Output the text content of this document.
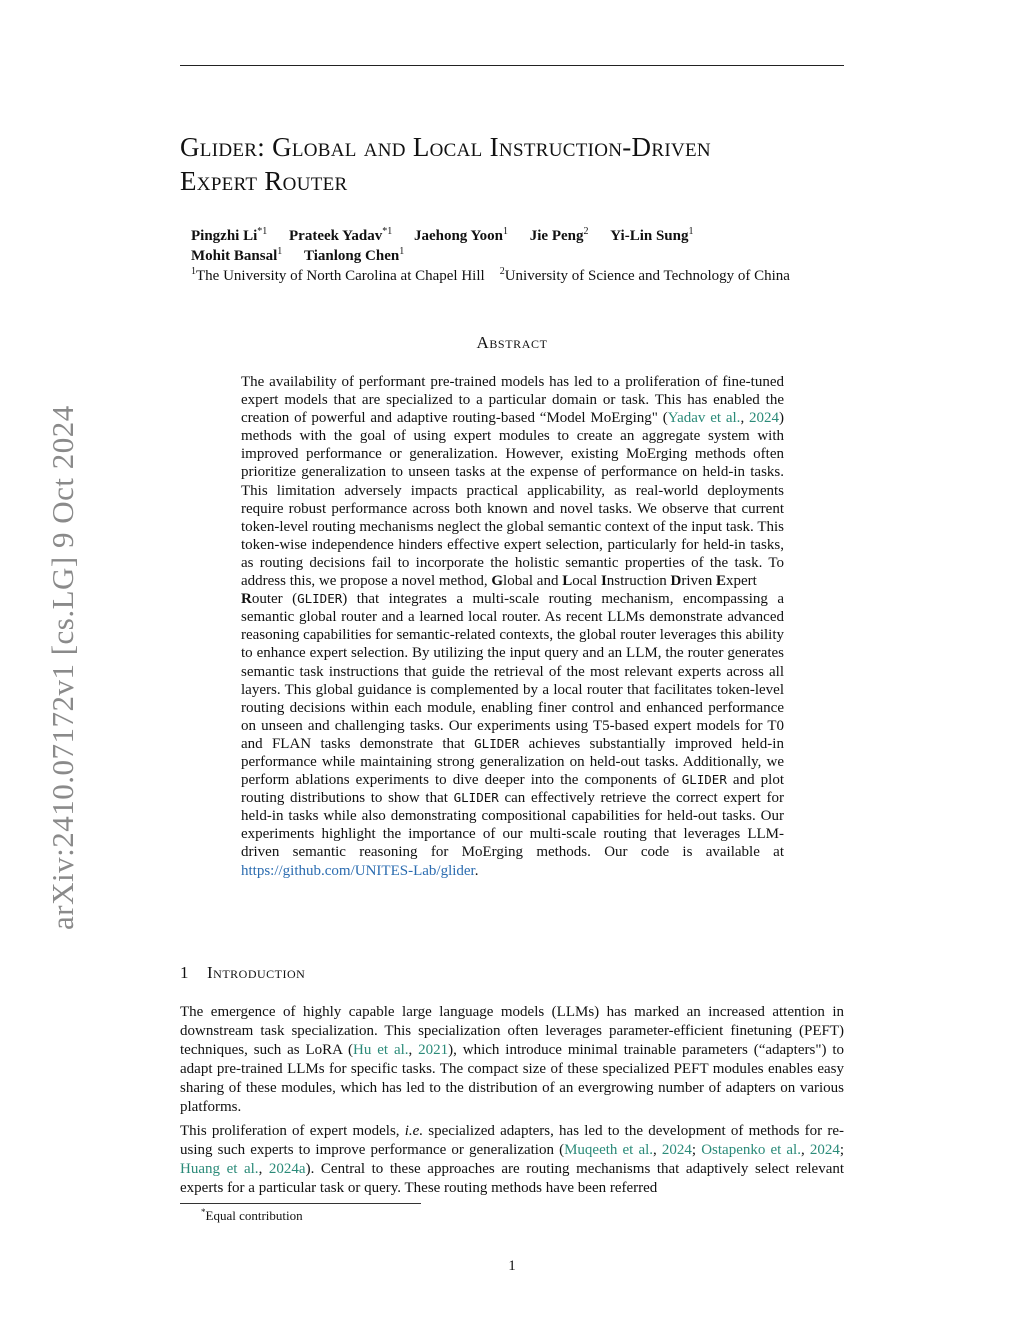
arXiv:2410.07172v1 [cs.LG] 9 Oct 2024
Glider: Global and Local Instruction-Driven
Expert Router
Pingzhi Li$^{*1}$ Prateek Yadav$^{*1}$ Jaehong Yoon$^1$ Jie Peng$^2$ Yi-Lin Sung$^1$
Mohit Bansal$^1$ Tianlong Chen$^1$
$^1$The University of North Carolina at Chapel Hill $^2$University of Science and Technology of China
Abstract

The availability of performant pre-trained models has led to a proliferation of fine-tuned expert models that are specialized to a particular domain or task. This has enabled the creation of powerful and adaptive routing-based “Model MoErging" (Yadav et al., 2024) methods with the goal of using expert modules to create an aggregate system with improved performance or generalization. However, existing MoErging methods often prioritize generalization to unseen tasks at the expense of performance on held-in tasks. This limitation adversely impacts practical applicability, as real-world deployments require robust performance across both known and novel tasks. We observe that current token-level routing mechanisms neglect the global semantic context of the input task. This token-wise independence hinders effective expert selection, particularly for held-in tasks, as routing decisions fail to incorporate the holistic semantic properties of the task. To address this, we propose a novel method, Global and Local Instruction Driven Expert
Router (GLIDER) that integrates a multi-scale routing mechanism, encompassing a semantic global router and a learned local router. As recent LLMs demonstrate advanced reasoning capabilities for semantic-related contexts, the global router leverages this ability to enhance expert selection. By utilizing the input query and an LLM, the router generates semantic task instructions that guide the retrieval of the most relevant experts across all layers. This global guidance is complemented by a local router that facilitates token-level routing decisions within each module, enabling finer control and enhanced performance on unseen and challenging tasks. Our experiments using T5-based expert models for T0 and FLAN tasks demonstrate that GLIDER achieves substantially improved held-in performance while maintaining strong generalization on held-out tasks. Additionally, we perform ablations experiments to dive deeper into the components of GLIDER and plot routing distributions to show that GLIDER can effectively retrieve the correct expert for held-in tasks while also demonstrating compositional capabilities for held-out tasks. Our experiments highlight the importance of our multi-scale routing that leverages LLM-driven semantic reasoning for MoErging methods. Our code is available at https://github.com/UNITES-Lab/glider.

1 Introduction

The emergence of highly capable large language models (LLMs) has marked an increased attention in downstream task specialization. This specialization often leverages parameter-efficient finetuning (PEFT) techniques, such as LoRA (Hu et al., 2021), which introduce minimal trainable parameters (“adapters") to adapt pre-trained LLMs for specific tasks. The compact size of these specialized PEFT modules enables easy sharing of these modules, which has led to the distribution of an evergrowing number of adapters on various platforms.

This proliferation of expert models, i.e. specialized adapters, has led to the development of methods for re-using such experts to improve performance or generalization (Muqeeth et al., 2024; Ostapenko et al., 2024; Huang et al., 2024a). Central to these approaches are routing mechanisms that adaptively select relevant experts for a particular task or query. These routing methods have been referred

*Equal contribution
1
